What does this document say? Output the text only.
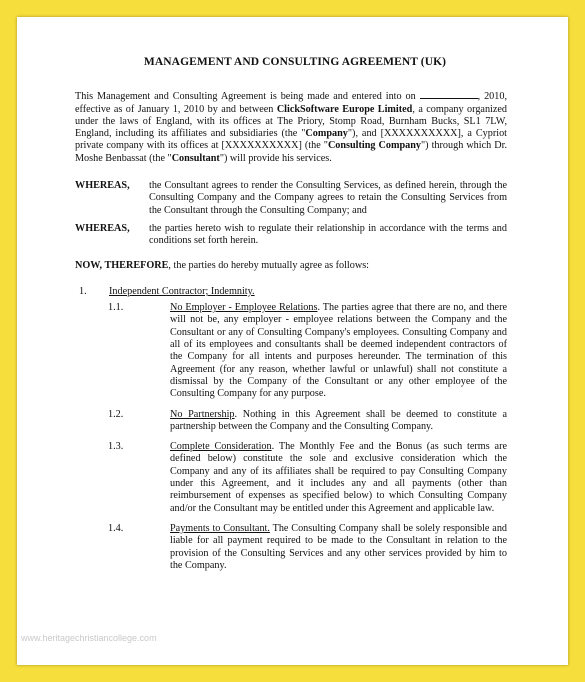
MANAGEMENT AND CONSULTING AGREEMENT (UK)
This Management and Consulting Agreement is being made and entered into on	, 2010, effective as of January 1, 2010 by and between ClickSoftware Europe Limited, a company organized under the laws of England, with its offices at The Priory, Stomp Road, Burnham Bucks, SL1 7LW, England, including its affiliates and subsidiaries (the "Company"), and [XXXXXXXXXX], a Cypriot private company with its offices at [XXXXXXXXXX] (the "Consulting Company") through which Dr. Moshe Benbassat (the "Consultant") will provide his services.
WHEREAS,	the Consultant agrees to render the Consulting Services, as defined herein, through the Consulting Company and the Company agrees to retain the Consulting Services from the Consultant through the Consulting Company; and
WHEREAS,	the parties hereto wish to regulate their relationship in accordance with the terms and conditions set forth herein.
NOW, THEREFORE, the parties do hereby mutually agree as follows:
1.	Independent Contractor; Indemnity.
1.1.	No Employer - Employee Relations. The parties agree that there are no, and there will not be, any employer - employee relations between the Company and the Consultant or any of Consulting Company's employees. Consulting Company and all of its employees and consultants shall be deemed independent contractors of the Company for all intents and purposes hereunder. The termination of this Agreement (for any reason, whether lawful or unlawful) shall not constitute a dismissal by the Company of the Consultant or any other employee of the Consulting Company for any purpose.
1.2.	No Partnership. Nothing in this Agreement shall be deemed to constitute a partnership between the Company and the Consulting Company.
1.3.	Complete Consideration. The Monthly Fee and the Bonus (as such terms are defined below) constitute the sole and exclusive consideration which the Company and any of its affiliates shall be required to pay Consulting Company under this Agreement, and it includes any and all payments (other than reimbursement of expenses as specified below) to which Consulting Company and/or the Consultant may be entitled under this Agreement and applicable law.
1.4.	Payments to Consultant. The Consulting Company shall be solely responsible and liable for all payment required to be made to the Consultant in relation to the provision of the Consulting Services and any other services provided by him to the Company.
www.heritagechristiancollege.com
